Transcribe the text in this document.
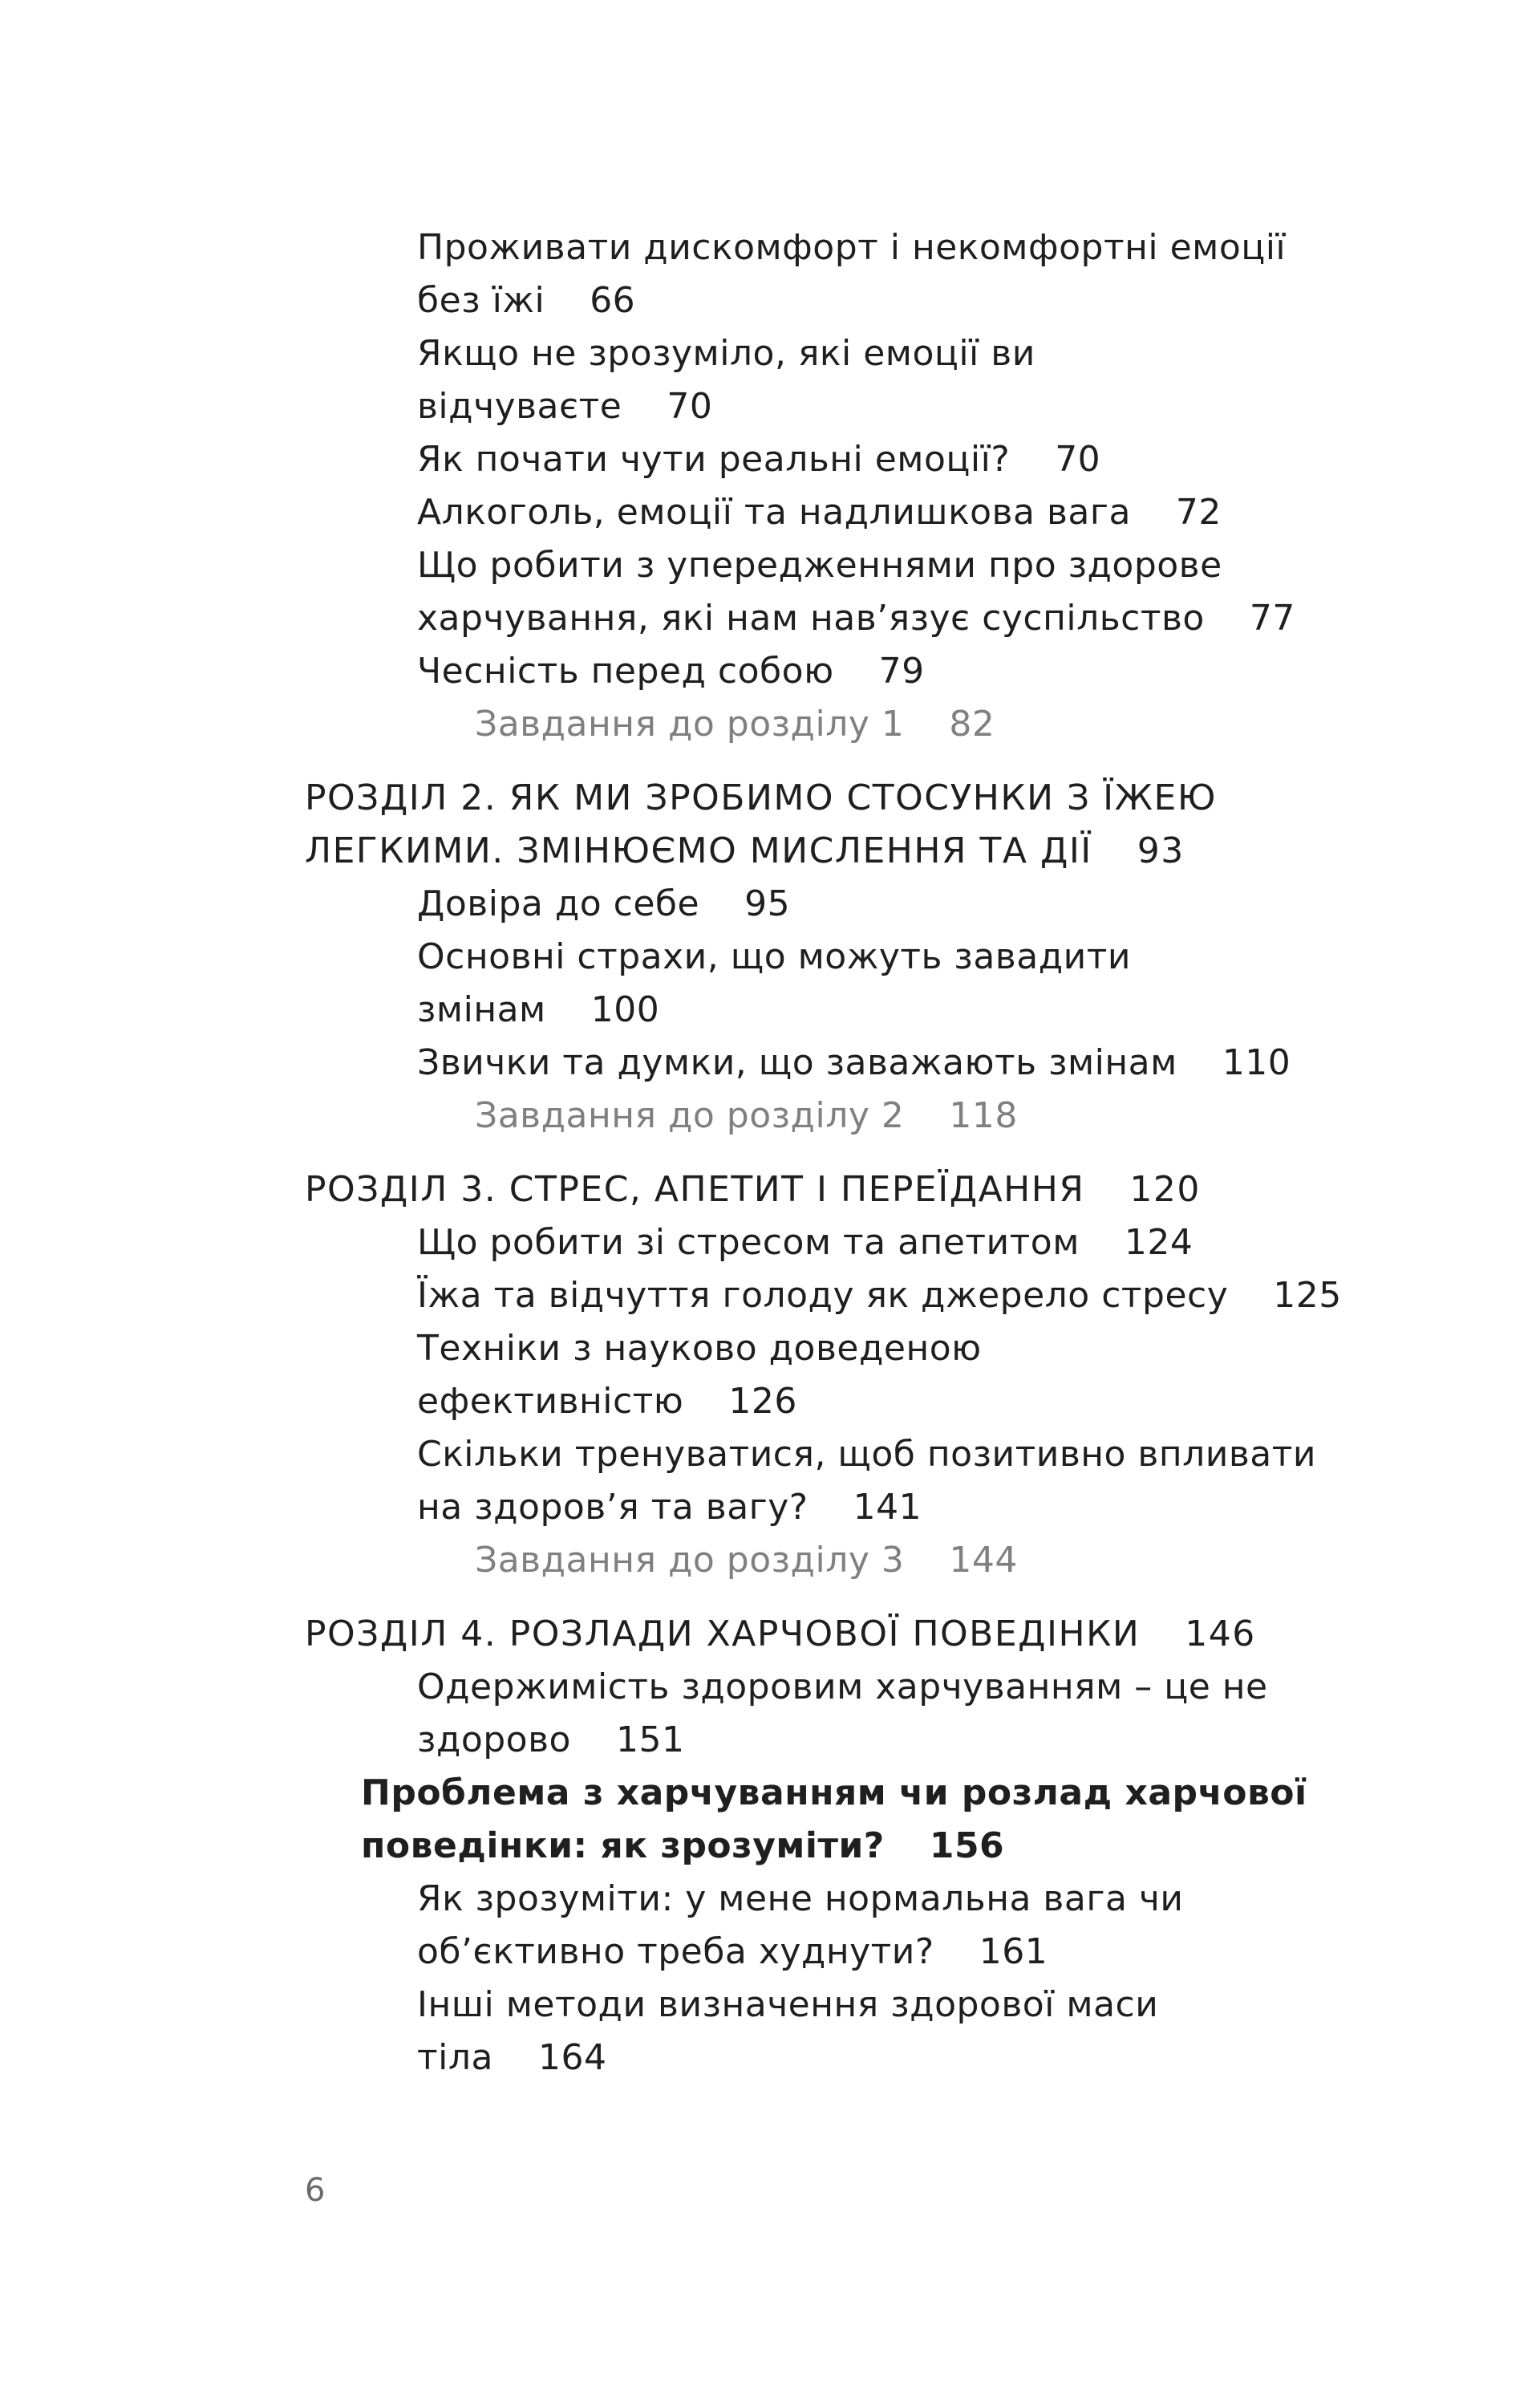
Проживати дискомфорт і некомфортні емоції
без їжі 66
Якщо не зрозуміло, які емоції ви
відчуваєте 70
Як почати чути реальні емоції? 70
Алкоголь, емоції та надлишкова вага 72
Що робити з упередженнями про здорове
харчування, які нам нав’язує суспільство 77
Чесність перед собою 79
Завдання до розділу 1 82
РОЗДІЛ 2. ЯК МИ ЗРОБИМО СТОСУНКИ З ЇЖЕЮ
ЛЕГКИМИ. ЗМІНЮЄМО МИСЛЕННЯ ТА ДІЇ 93
Довіра до себе 95
Основні страхи, що можуть завадити
змінам 100
Звички та думки, що заважають змінам 110
Завдання до розділу 2 118
РОЗДІЛ 3. СТРЕС, АПЕТИТ І ПЕРЕЇДАННЯ 120
Що робити зі стресом та апетитом 124
Їжа та відчуття голоду як джерело стресу 125
Техніки з науково доведеною
ефективністю 126
Скільки тренуватися, щоб позитивно впливати
на здоров’я та вагу? 141
Завдання до розділу 3 144
РОЗДІЛ 4. РОЗЛАДИ ХАРЧОВОЇ ПОВЕДІНКИ 146
Одержимість здоровим харчуванням – це не
здорово 151
Проблема з харчуванням чи розлад харчової
поведінки: як зрозуміти? 156
Як зрозуміти: у мене нормальна вага чи
об’єктивно треба худнути? 161
Інші методи визначення здорової маси
тіла 164
6
